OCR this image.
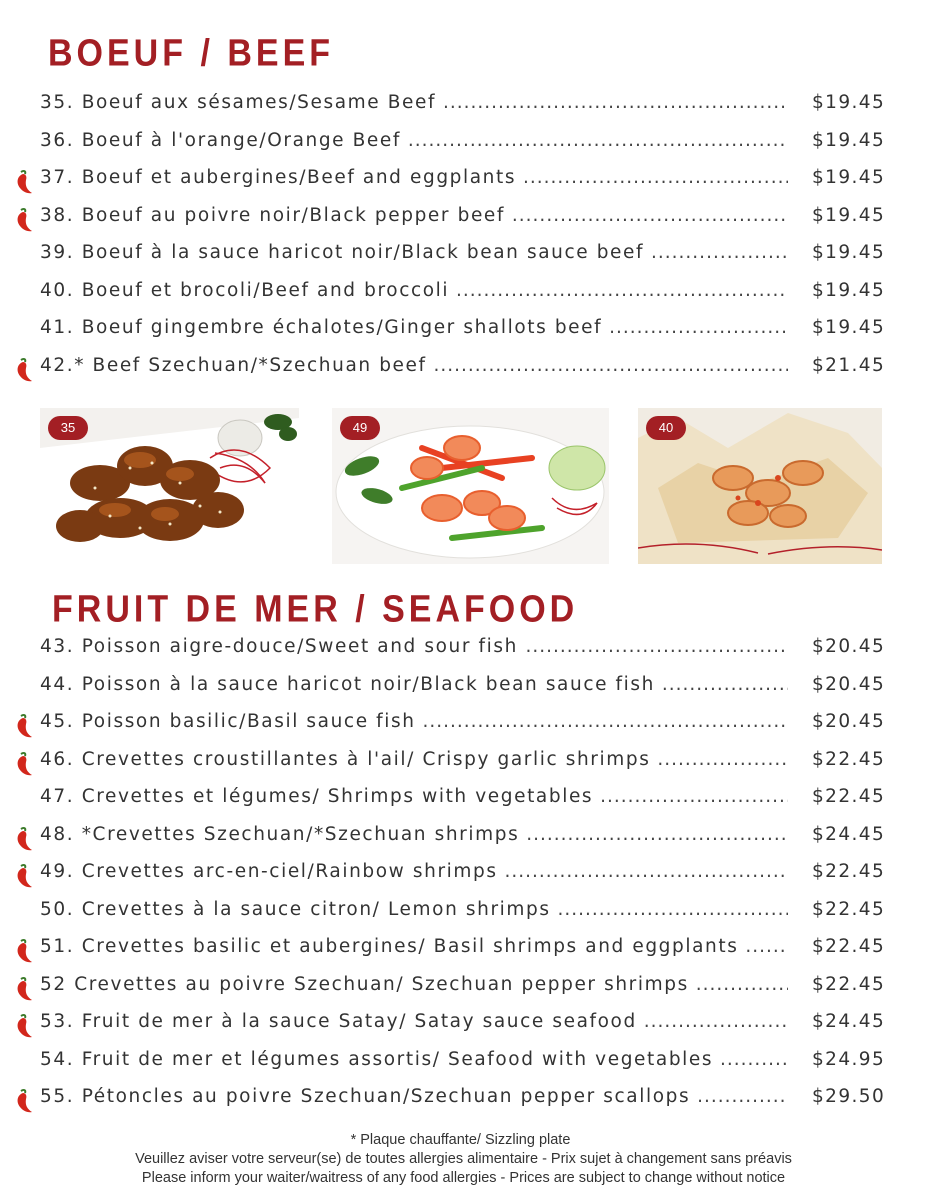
BOEUF / BEEF
35. Boeuf aux sésames/Sesame Beef .....	$19.45
36. Boeuf à l'orange/Orange Beef .....	$19.45
37. Boeuf et aubergines/Beef and eggplants .....	$19.45
38. Boeuf au poivre noir/Black pepper beef .....	$19.45
39. Boeuf à la sauce haricot noir/Black bean sauce beef .....	$19.45
40. Boeuf et brocoli/Beef and broccoli .....	$19.45
41. Boeuf gingembre échalotes/Ginger shallots beef .....	$19.45
42.* Beef Szechuan/*Szechuan beef .....	$21.45
35	49	40
FRUIT DE MER / SEAFOOD
43. Poisson aigre-douce/Sweet and sour fish .....	$20.45
44. Poisson à la sauce haricot noir/Black bean sauce fish .....	$20.45
45. Poisson basilic/Basil sauce fish .....	$20.45
46. Crevettes croustillantes à l'ail/ Crispy garlic shrimps .....	$22.45
47. Crevettes et légumes/ Shrimps with vegetables .....	$22.45
48. *Crevettes Szechuan/*Szechuan shrimps .....	$24.45
49. Crevettes arc-en-ciel/Rainbow shrimps .....	$22.45
50. Crevettes à la sauce citron/ Lemon shrimps .....	$22.45
51. Crevettes basilic et aubergines/ Basil shrimps and eggplants .....	$22.45
52 Crevettes au poivre Szechuan/ Szechuan pepper shrimps .....	$22.45
53. Fruit de mer à la sauce Satay/ Satay sauce seafood .....	$24.45
54. Fruit de mer et légumes assortis/ Seafood with vegetables .....	$24.95
55. Pétoncles au poivre Szechuan/Szechuan pepper scallops .....	$29.50

* Plaque chauffante/ Sizzling plate

Veuillez aviser votre serveur(se) de toutes allergies alimentaire - Prix sujet à changement sans préavis

Please inform your waiter/waitress of any food allergies - Prices are subject to change without notice
